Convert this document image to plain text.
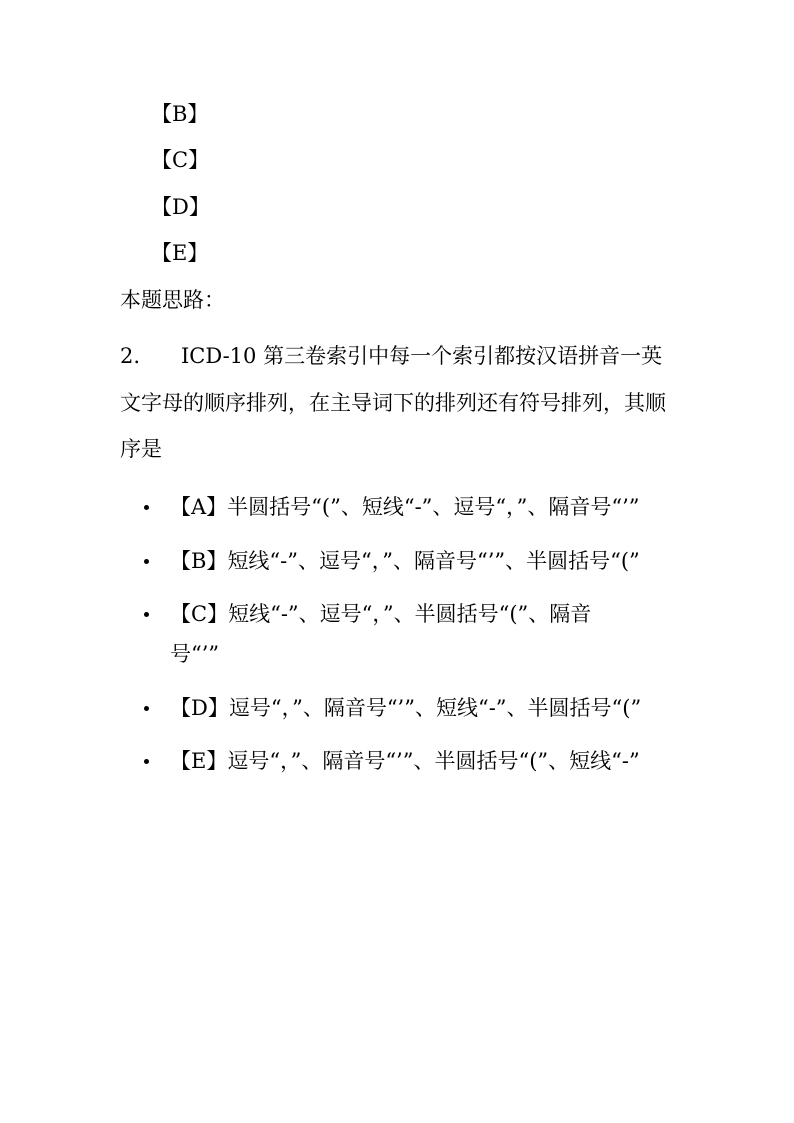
【B】
【C】
【D】
【E】
本题思路：
2. ICD-10 第三卷索引中每一个索引都按汉语拼音一英文字母的顺序排列，在主导词下的排列还有符号排列，其顺序是
【A】半圆括号“(”、短线“-”、逗号“，”、隔音号“’”
【B】短线“-”、逗号“，”、隔音号“’”、半圆括号“(”
【C】短线“-”、逗号“，”、半圆括号“(”、隔音号“’”
【D】逗号“，”、隔音号“’”、短线“-”、半圆括号“(”
【E】逗号“，”、隔音号“’”、半圆括号“(”、短线“-”
